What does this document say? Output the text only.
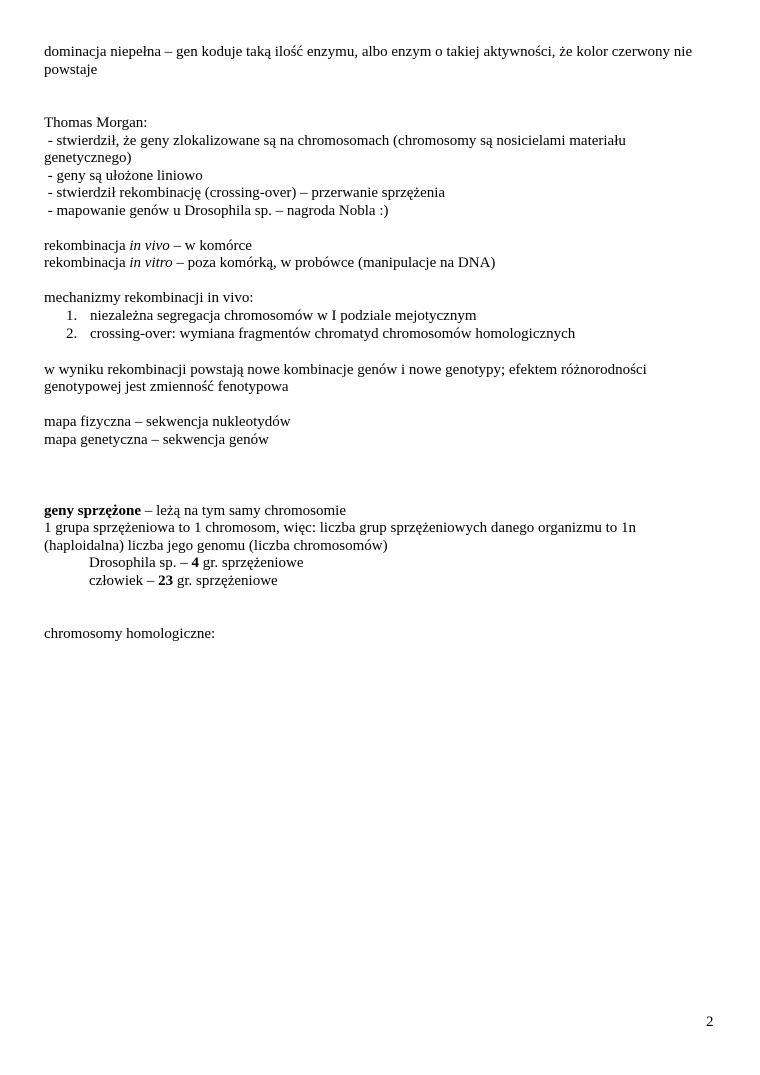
dominacja niepełna – gen koduje taką ilość enzymu, albo enzym o takiej aktywności, że kolor czerwony nie
powstaje
Thomas Morgan:
- stwierdził, że geny zlokalizowane są na chromosomach (chromosomy są nosicielami materiału
genetycznego)
- geny są ułożone liniowo
- stwierdził rekombinację (crossing-over) – przerwanie sprzężenia
- mapowanie genów u Drosophila sp. – nagroda Nobla :)
rekombinacja in vivo – w komórce
rekombinacja in vitro – poza komórką, w probówce (manipulacje na DNA)
mechanizmy rekombinacji in vivo:
1. niezależna segregacja chromosomów w I podziale mejotycznym
2. crossing-over: wymiana fragmentów chromatyd chromosomów homologicznych
w wyniku rekombinacji powstają nowe kombinacje genów i nowe genotypy; efektem różnorodności
genotypowej jest zmienność fenotypowa
mapa fizyczna – sekwencja nukleotydów
mapa genetyczna – sekwencja genów
geny sprzężone – leżą na tym samy chromosomie
1 grupa sprzężeniowa to 1 chromosom, więc: liczba grup sprzężeniowych danego organizmu to 1n
(haploidalna) liczba jego genomu (liczba chromosomów)
Drosophila sp. – 4 gr. sprzężeniowe
człowiek – 23 gr. sprzężeniowe
chromosomy homologiczne:
2
